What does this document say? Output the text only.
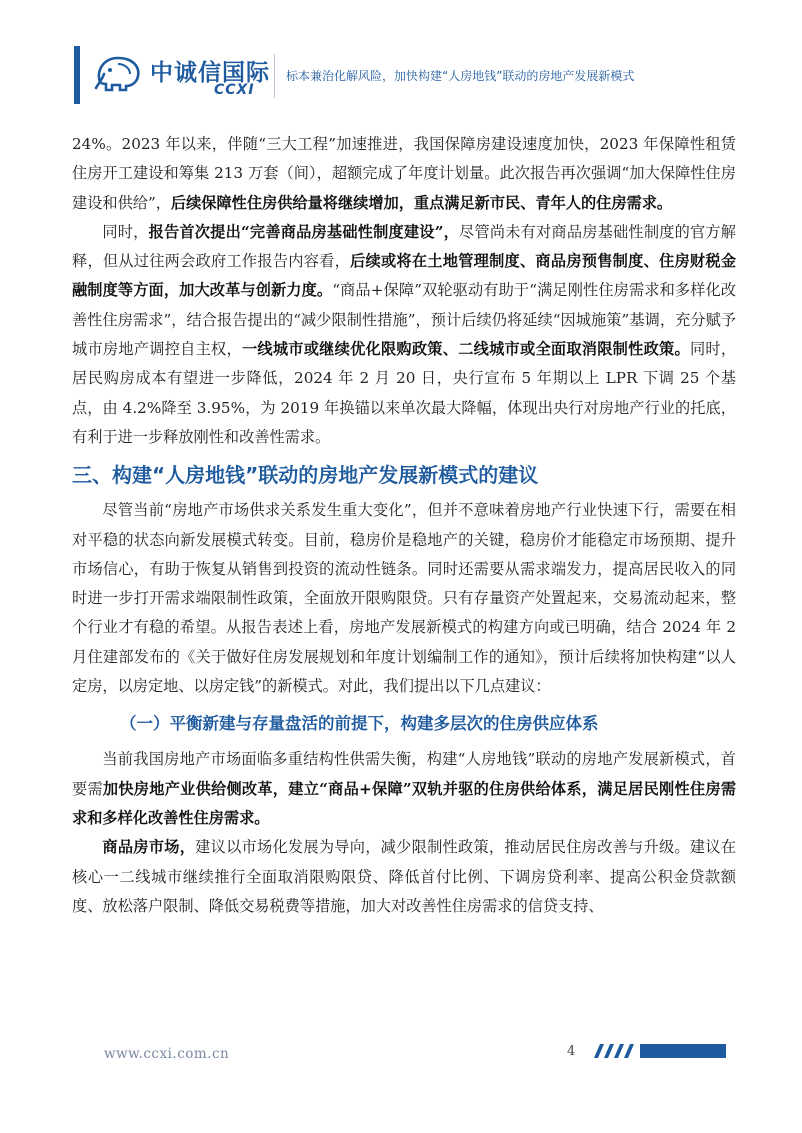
中诚信国际
CCXI
标本兼治化解风险，加快构建“人房地钱”联动的房地产发展新模式

24%。2023 年以来，伴随“三大工程”加速推进，我国保障房建设速度加快，2023 年保障性租赁住房开工建设和筹集 213 万套（间），超额完成了年度计划量。此次报告再次强调“加大保障性住房建设和供给”，后续保障性住房供给量将继续增加，重点满足新市民、青年人的住房需求。

同时，报告首次提出“完善商品房基础性制度建设”，尽管尚未有对商品房基础性制度的官方解释，但从过往两会政府工作报告内容看，后续或将在土地管理制度、商品房预售制度、住房财税金融制度等方面，加大改革与创新力度。“商品+保障”双轮驱动有助于“满足刚性住房需求和多样化改善性住房需求”，结合报告提出的“减少限制性措施”，预计后续仍将延续“因城施策”基调，充分赋予城市房地产调控自主权，一线城市或继续优化限购政策、二线城市或全面取消限制性政策。同时，居民购房成本有望进一步降低，2024 年 2 月 20 日，央行宣布 5 年期以上 LPR 下调 25 个基点，由 4.2%降至 3.95%，为 2019 年换锚以来单次最大降幅，体现出央行对房地产行业的托底，有利于进一步释放刚性和改善性需求。

三、构建“人房地钱”联动的房地产发展新模式的建议

尽管当前“房地产市场供求关系发生重大变化”，但并不意味着房地产行业快速下行，需要在相对平稳的状态向新发展模式转变。目前，稳房价是稳地产的关键，稳房价才能稳定市场预期、提升市场信心，有助于恢复从销售到投资的流动性链条。同时还需要从需求端发力，提高居民收入的同时进一步打开需求端限制性政策，全面放开限购限贷。只有存量资产处置起来，交易流动起来，整个行业才有稳的希望。从报告表述上看，房地产发展新模式的构建方向或已明确，结合 2024 年 2 月住建部发布的《关于做好住房发展规划和年度计划编制工作的通知》，预计后续将加快构建“以人定房，以房定地、以房定钱”的新模式。对此，我们提出以下几点建议：

（一）平衡新建与存量盘活的前提下，构建多层次的住房供应体系

当前我国房地产市场面临多重结构性供需失衡，构建“人房地钱”联动的房地产发展新模式，首要需加快房地产业供给侧改革，建立“商品+保障”双轨并驱的住房供给体系，满足居民刚性住房需求和多样化改善性住房需求。

商品房市场，建议以市场化发展为导向，减少限制性政策，推动居民住房改善与升级。建议在核心一二线城市继续推行全面取消限购限贷、降低首付比例、下调房贷利率、提高公积金贷款额度、放松落户限制、降低交易税费等措施，加大对改善性住房需求的信贷支持、

www.ccxi.com.cn	4
